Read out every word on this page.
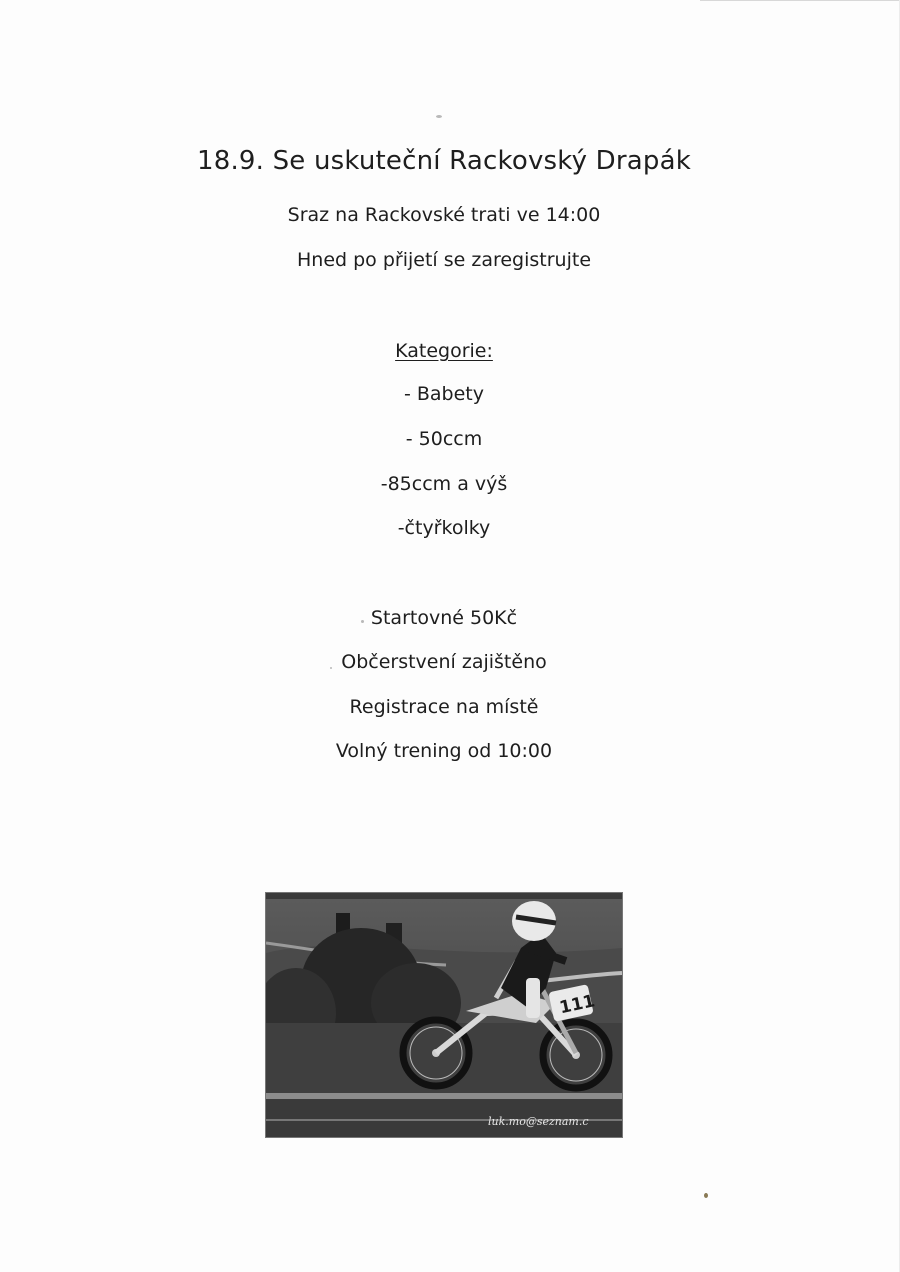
18.9. Se uskuteční Rackovský Drapák
Sraz na Rackovské trati ve 14:00
Hned po přijetí se zaregistrujte
Kategorie:
- Babety
- 50ccm
-85ccm a výš
-čtyřkolky
Startovné 50Kč
Občerstvení zajištěno
Registrace na místě
Volný trening od 10:00
111
luk.mo@seznam.c
